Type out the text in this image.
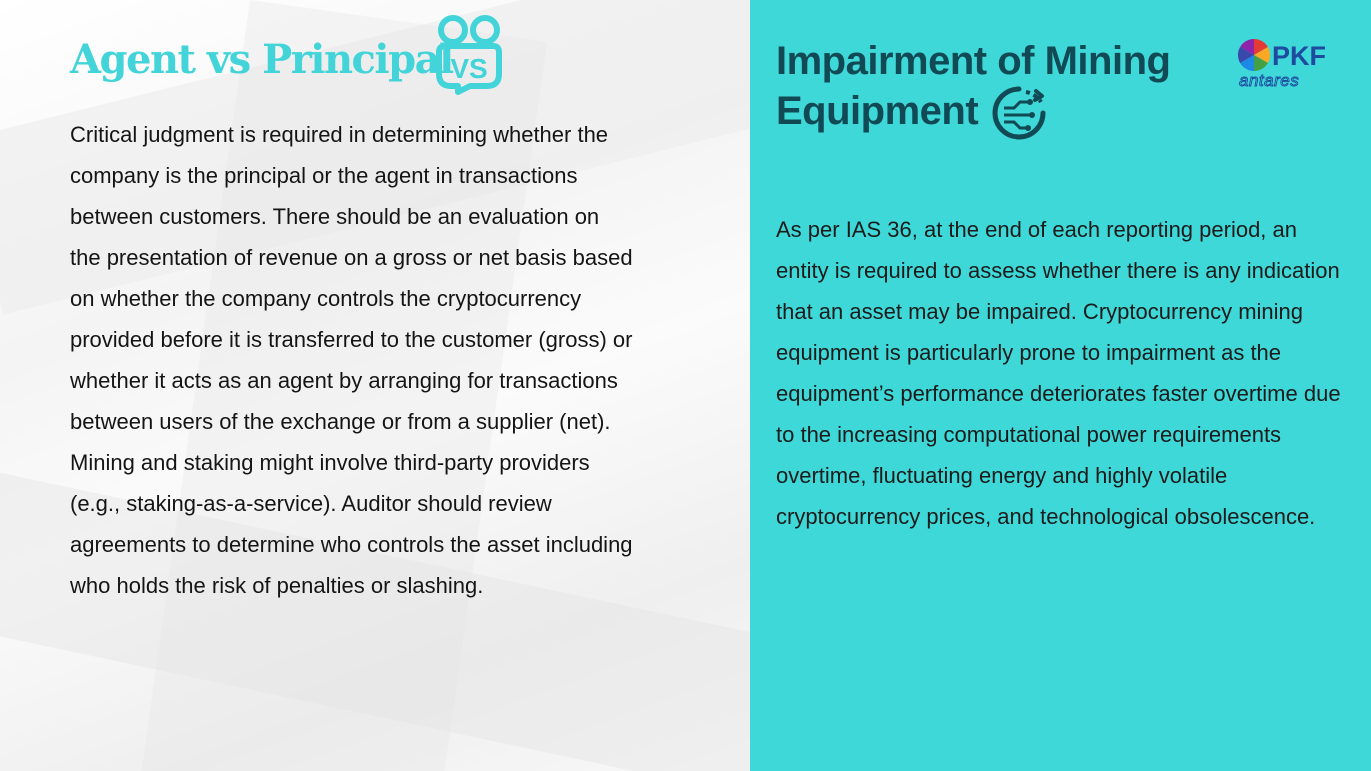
Agent vs Principal
VS

Critical judgment is required in determining whether the company is the principal or the agent in transactions between customers. There should be an evaluation on the presentation of revenue on a gross or net basis based on whether the company controls the cryptocurrency provided before it is transferred to the customer (gross) or whether it acts as an agent by arranging for transactions between users of the exchange or from a supplier (net).

Mining and staking might involve third-party providers (e.g., staking-as-a-service). Auditor should review agreements to determine who controls the asset including who holds the risk of penalties or slashing.

Impairment of Mining Equipment
PKF
antares

As per IAS 36, at the end of each reporting period, an entity is required to assess whether there is any indication that an asset may be impaired. Cryptocurrency mining equipment is particularly prone to impairment as the equipment’s performance deteriorates faster overtime due to the increasing computational power requirements overtime, fluctuating energy and highly volatile cryptocurrency prices, and technological obsolescence.
